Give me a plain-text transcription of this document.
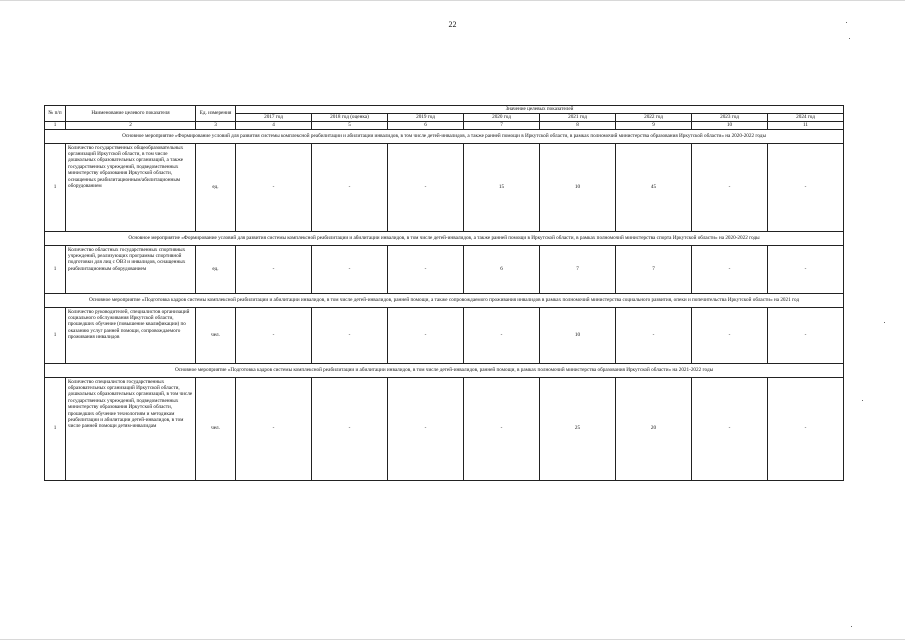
22
№ п/п	Наименование целевого показателя	Ед. измерения	Значение целевых показателей							
			2017 год	2018 год (оценка)	2019 год	2020 год	2021 год	2022 год	2023 год	2024 год
1	2	3	4	5	6	7	8	9	10	11
Основное мероприятие «Формирование условий для развития системы комплексной реабилитации и абилитации инвалидов, в том числе детей-инвалидов, а также ранней помощи в Иркутской области, в рамках полномочий министерства образования Иркутской области» на 2020-2022 годы										
1	Количество государственных общеобразовательных организаций Иркутской области, в том числе дошкольных образовательных организаций, а также государственных учреждений, подведомственных министерству образования Иркутской области, оснащенных реабилитационным/абилитационным оборудованием	ед.	-	-	-	15	10	45	-	-
Основное мероприятие «Формирование условий для развития системы комплексной реабилитации и абилитации инвалидов, в том числе детей-инвалидов, а также ранней помощи в Иркутской области, в рамках полномочий министерства спорта Иркутской области» на 2020-2022 годы										
1	Количество областных государственных спортивных учреждений, реализующих программы спортивной подготовки для лиц с ОВЗ и инвалидов, оснащенных реабилитационным оборудованием	ед.	-	-	-	6	7	7	-	-
Основное мероприятие «Подготовка кадров системы комплексной реабилитации и абилитации инвалидов, в том числе детей-инвалидов, ранней помощи, а также сопровождаемого проживания инвалидов в рамках полномочий министерства социального развития, опеки и попечительства Иркутской области» на 2021 год										
1	Количество руководителей, специалистов организаций социального обслуживания Иркутской области, прошедших обучение (повышение квалификации) по оказанию услуг ранней помощи, сопровождаемого проживания инвалидов	чел.	-	-	-	-	10	-	-	-
Основное мероприятие «Подготовка кадров системы комплексной реабилитации и абилитации инвалидов, в том числе детей-инвалидов, ранней помощи, в рамках полномочий министерства образования Иркутской области» на 2021-2022 годы										
1	Количество специалистов государственных образовательных организаций Иркутской области, дошкольных образовательных организаций, в том числе государственных учреждений, подведомственных министерству образования Иркутской области, прошедших обучение технологиям и методикам реабилитации и абилитации детей-инвалидов, в том числе ранней помощи детям-инвалидам	чел.	-	-	-	-	25	20	-	-
